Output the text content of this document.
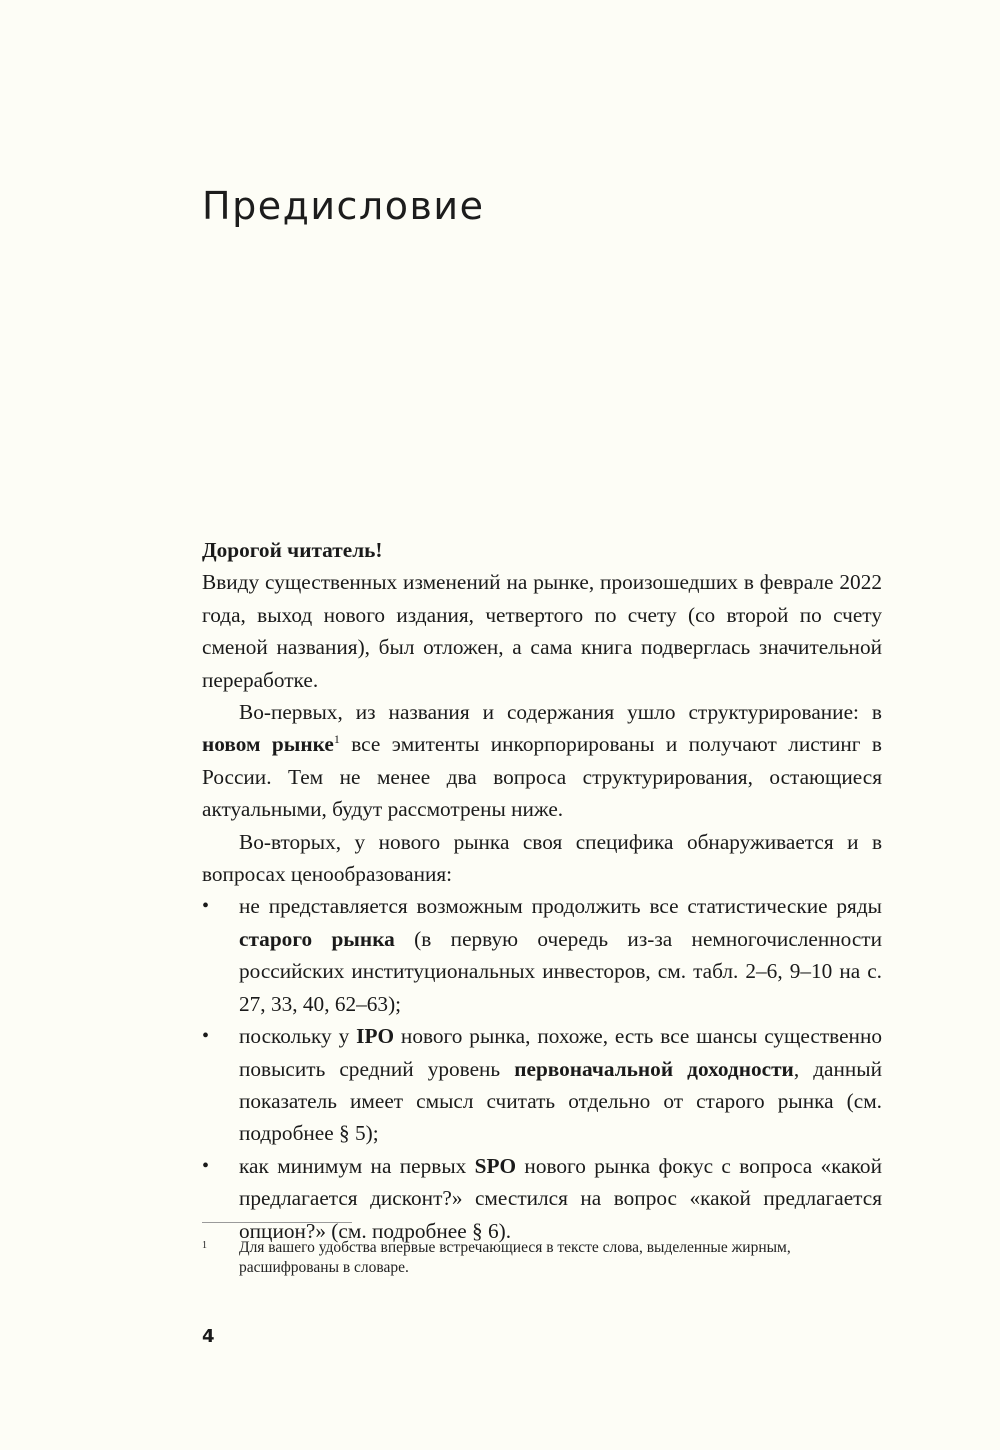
Предисловие

Дорогой читатель!

Ввиду существенных изменений на рынке, произошедших в феврале 2022 года, выход нового издания, четвертого по счету (со второй по счету сменой названия), был отложен, а сама книга подверглась значительной переработке.

Во-первых, из названия и содержания ушло структурирование: в новом рынке$^1$ все эмитенты инкорпорированы и получают листинг в России. Тем не менее два вопроса структурирования, остающиеся актуальными, будут рассмотрены ниже.

Во-вторых, у нового рынка своя специфика обнаруживается и в вопросах ценообразования:

• не представляется возможным продолжить все статистические ряды старого рынка (в первую очередь из-за немногочисленности российских институциональных инвесторов, см. табл. 2–6, 9–10 на с. 27, 33, 40, 62–63);
• поскольку у IPO нового рынка, похоже, есть все шансы существенно повысить средний уровень первоначальной доходности, данный показатель имеет смысл считать отдельно от старого рынка (см. подробнее § 5);
• как минимум на первых SPO нового рынка фокус с вопроса «какой предлагается дисконт?» сместился на вопрос «какой предлагается опцион?» (см. подробнее § 6).
1	Для вашего удобства впервые встречающиеся в тексте слова, выделенные жирным, расшифрованы в словаре.
4
